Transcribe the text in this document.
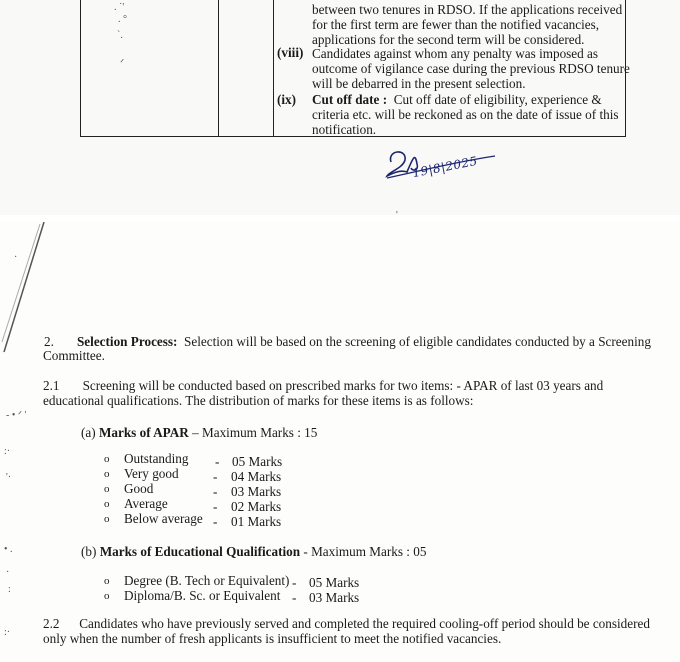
. ˙'
. °
`.
ᐟ
between two tenures in RDSO. If the applications received
for the first term are fewer than the notified vacancies,
applications for the second term will be considered.
(viii) Candidates against whom any penalty was imposed as
outcome of vigilance case during the previous RDSO tenure
will be debarred in the present selection.
(ix) Cut off date : Cut off date of eligibility, experience &
criteria etc. will be reckoned as on the date of issue of this
notification.
19|8|2025
'
·
2. Selection Process: Selection will be based on the screening of eligible candidates conducted by a Screening
Committee.
2.1 Screening will be conducted based on prescribed marks for two items: - APAR of last 03 years and
educational qualifications. The distribution of marks for these items is as follows:
- • ᐟ '
(a) Marks of APAR – Maximum Marks : 15
:·
'·
o Outstanding - 05 Marks
o Very good	- 04 Marks
o Good	- 03 Marks
o Average	- 02 Marks
o Below average - 01 Marks
• .	(b) Marks of Educational Qualification - Maximum Marks : 05
·
:
o Degree (B. Tech or Equivalent) - 05 Marks
o Diploma/B. Sc. or Equivalent - 03 Marks
2.2 Candidates who have previously served and completed the required cooling-off period should be considered
only when the number of fresh applicants is insufficient to meet the notified vacancies.
:·
